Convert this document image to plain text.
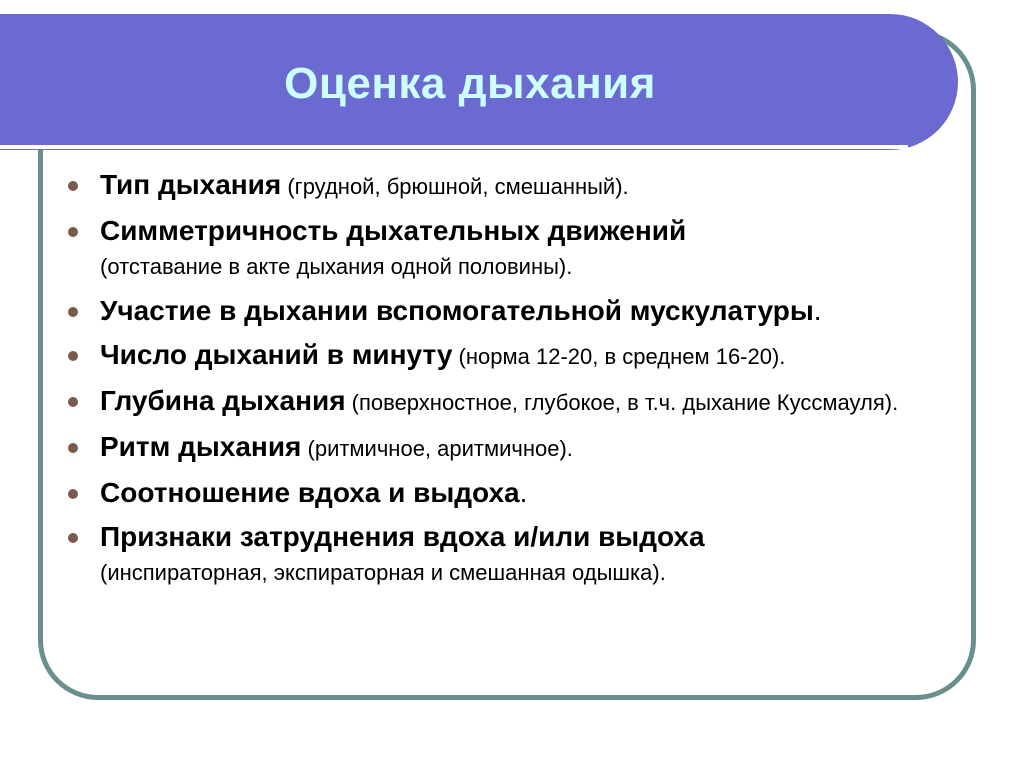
Оценка дыхания
Тип дыхания (грудной, брюшной, смешанный).
Симметричность дыхательных движений
(отставание в акте дыхания одной половины).
Участие в дыхании вспомогательной мускулатуры.
Число дыханий в минуту (норма 12-20, в среднем 16-20).
Глубина дыхания (поверхностное, глубокое, в т.ч. дыхание Куссмауля).
Ритм дыхания (ритмичное, аритмичное).
Соотношение вдоха и выдоха.
Признаки затруднения вдоха и/или выдоха
(инспираторная, экспираторная и смешанная одышка).
